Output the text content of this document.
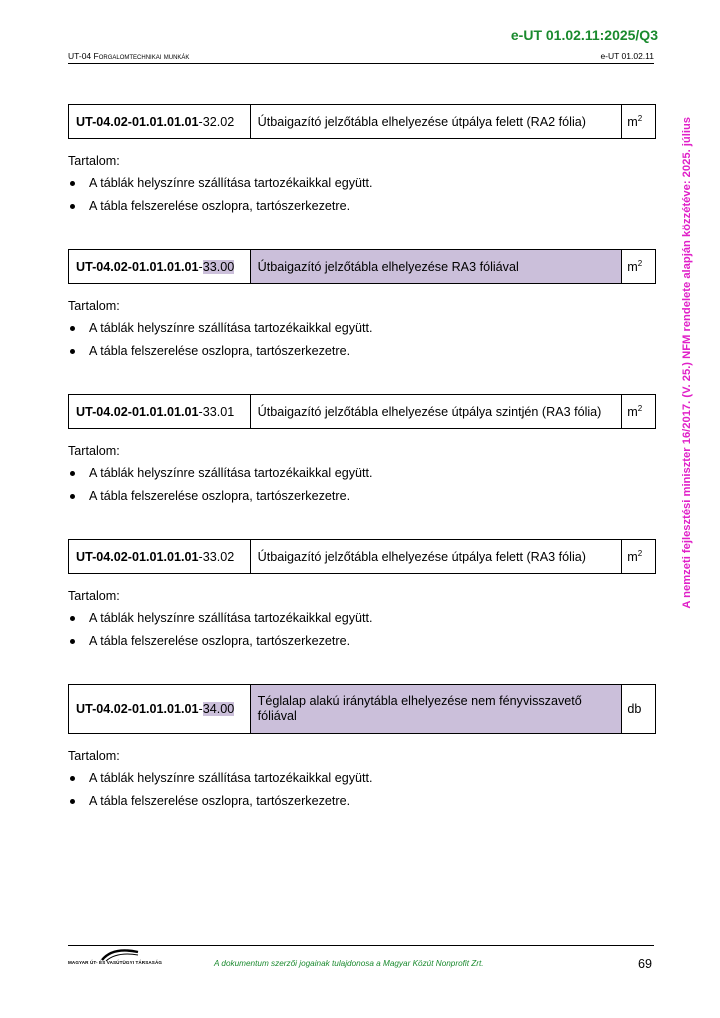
e-UT 01.02.11:2025/Q3
UT-04 Forgalomtechnikai munkák	e-UT 01.02.11
A nemzeti fejlesztési miniszter 16/2017. (V. 25.) NFM rendelete alapján közzétéve: 2025. július
UT-04.02-01.01.01.01-32.02	Útbaigazító jelzőtábla elhelyezése útpálya felett (RA2 fólia)	$m^2$
Tartalom:
A táblák helyszínre szállítása tartozékaikkal együtt.
A tábla felszerelése oszlopra, tartószerkezetre.
UT-04.02-01.01.01.01-33.00	Útbaigazító jelzőtábla elhelyezése RA3 fóliával	$m^2$
Tartalom:
A táblák helyszínre szállítása tartozékaikkal együtt.
A tábla felszerelése oszlopra, tartószerkezetre.
UT-04.02-01.01.01.01-33.01	Útbaigazító jelzőtábla elhelyezése útpálya szintjén (RA3 fólia)	$m^2$
Tartalom:
A táblák helyszínre szállítása tartozékaikkal együtt.
A tábla felszerelése oszlopra, tartószerkezetre.
UT-04.02-01.01.01.01-33.02	Útbaigazító jelzőtábla elhelyezése útpálya felett (RA3 fólia)	$m^2$
Tartalom:
A táblák helyszínre szállítása tartozékaikkal együtt.
A tábla felszerelése oszlopra, tartószerkezetre.
UT-04.02-01.01.01.01-34.00	Téglalap alakú iránytábla elhelyezése nem fényvisszavető fóliával	db
Tartalom:
A táblák helyszínre szállítása tartozékaikkal együtt.
A tábla felszerelése oszlopra, tartószerkezetre.
MAGYAR ÚT- ÉS VASÚTÜGYI TÁRSASÁG	A dokumentum szerzői jogainak tulajdonosa a Magyar Közút Nonprofit Zrt.	69
